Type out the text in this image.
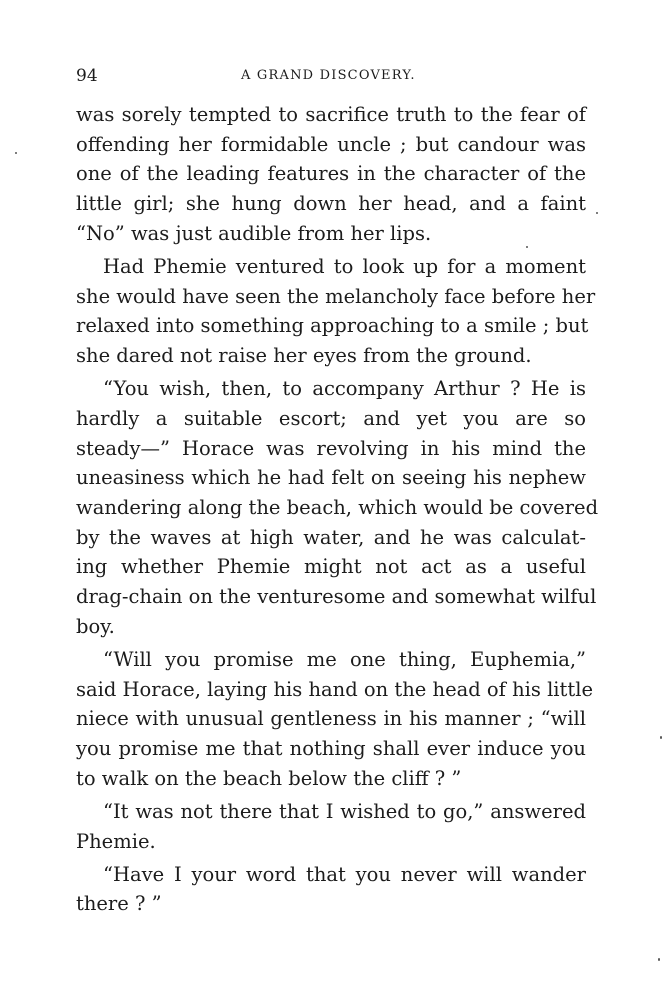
94	A GRAND DISCOVERY.
was sorely tempted to sacrifice truth to the fear of
offending her formidable uncle ; but candour was
one of the leading features in the character of the
little girl; she hung down her head, and a faint
“No” was just audible from her lips.
Had Phemie ventured to look up for a moment
she would have seen the melancholy face before her
relaxed into something approaching to a smile ; but
she dared not raise her eyes from the ground.
“You wish, then, to accompany Arthur ? He is
hardly a suitable escort; and yet you are so
steady—” Horace was revolving in his mind the
uneasiness which he had felt on seeing his nephew
wandering along the beach, which would be covered
by the waves at high water, and he was calculat-
ing whether Phemie might not act as a useful
drag-chain on the venturesome and somewhat wilful
boy.
“Will you promise me one thing, Euphemia,”
said Horace, laying his hand on the head of his little
niece with unusual gentleness in his manner ; “will
you promise me that nothing shall ever induce you
to walk on the beach below the cliff ? ”
“It was not there that I wished to go,” answered
Phemie.
“Have I your word that you never will wander
there ? ”
